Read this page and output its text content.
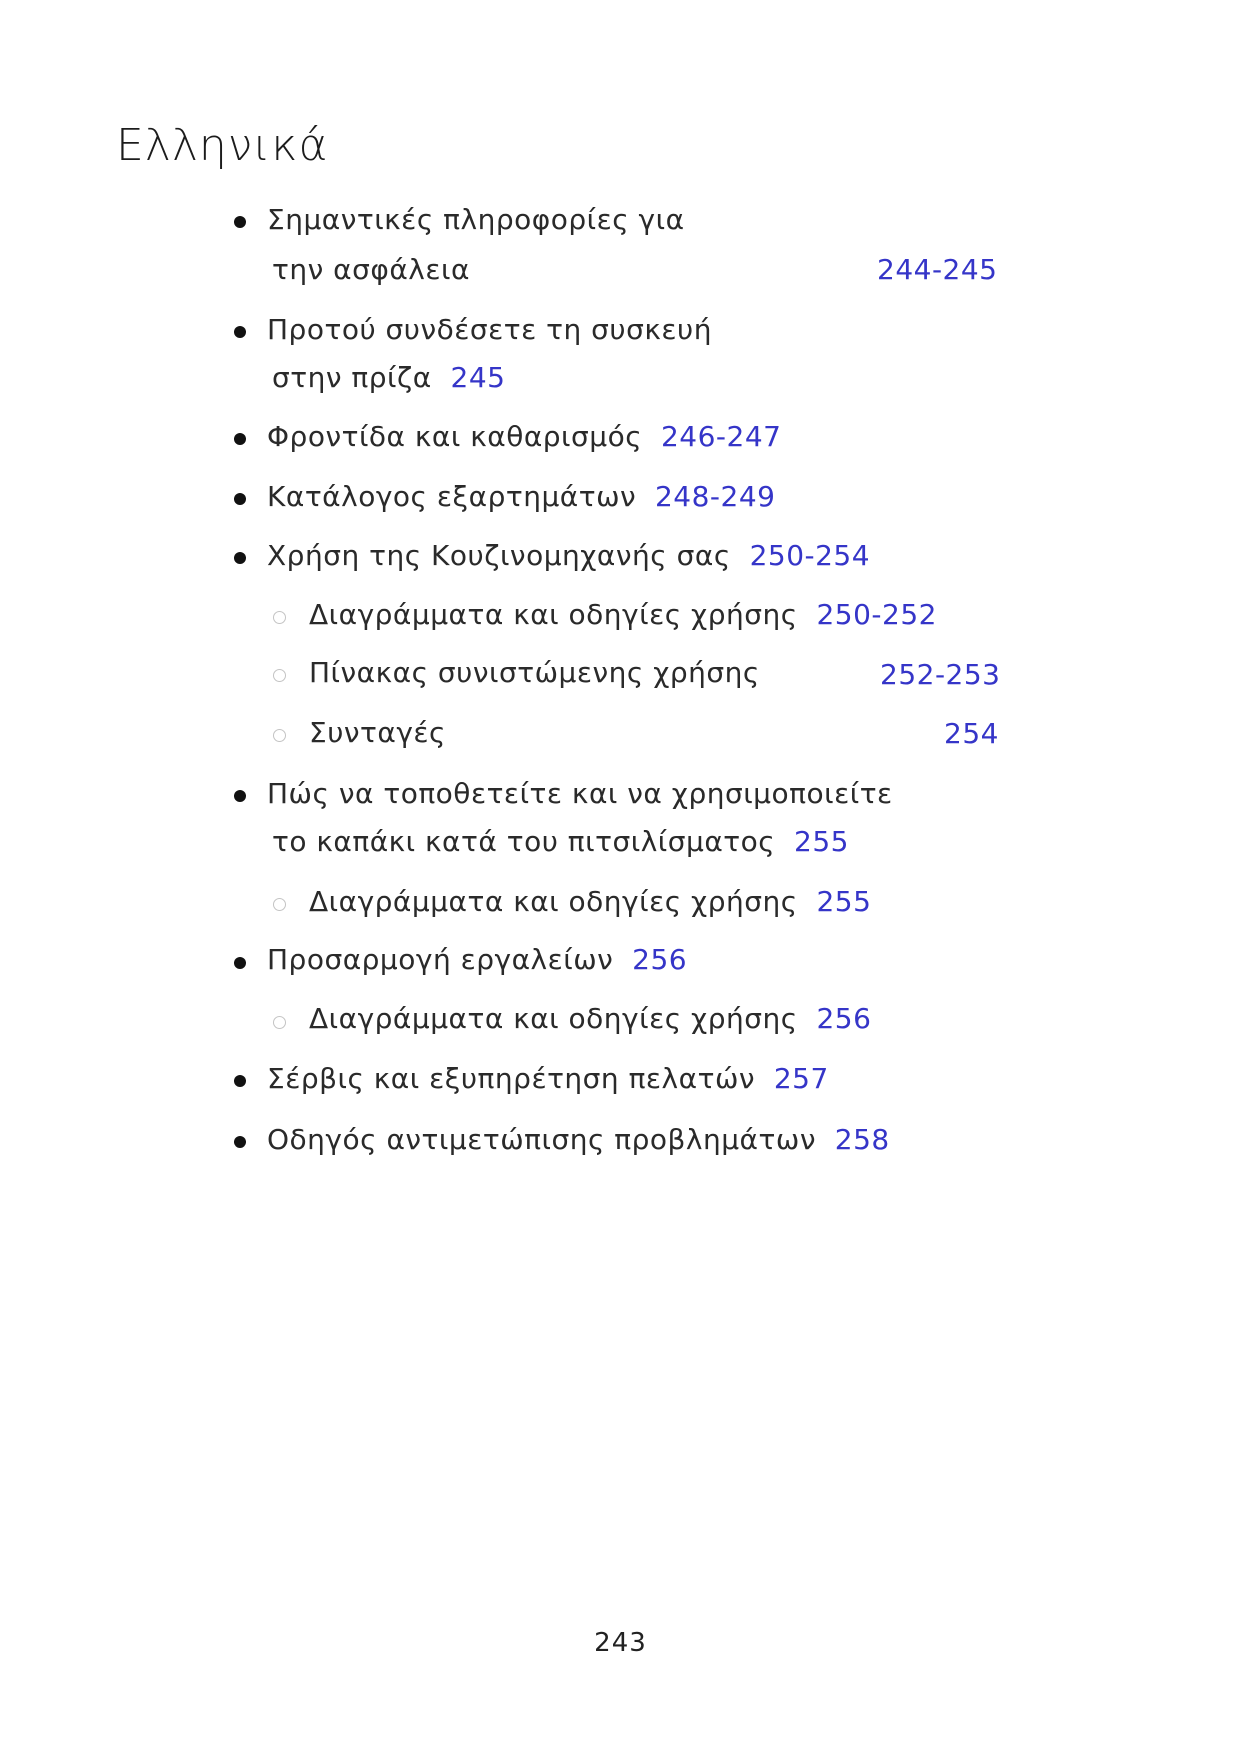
Ελληνικά
Σημαντικές πληροφορίες για
την ασφάλεια	244-245
Προτού συνδέσετε τη συσκευή
στην πρίζα 245
Φροντίδα και καθαρισμός 246-247
Κατάλογος εξαρτημάτων 248-249
Χρήση της Κουζινομηχανής σας 250-254
Διαγράμματα και οδηγίες χρήσης 250-252
Πίνακας συνιστώμενης χρήσης	252-253
Συνταγές	254
Πώς να τοποθετείτε και να χρησιμοποιείτε
το καπάκι κατά του πιτσιλίσματος 255
Διαγράμματα και οδηγίες χρήσης 255
Προσαρμογή εργαλείων 256
Διαγράμματα και οδηγίες χρήσης 256
Σέρβις και εξυπηρέτηση πελατών 257
Οδηγός αντιμετώπισης προβλημάτων 258
243
